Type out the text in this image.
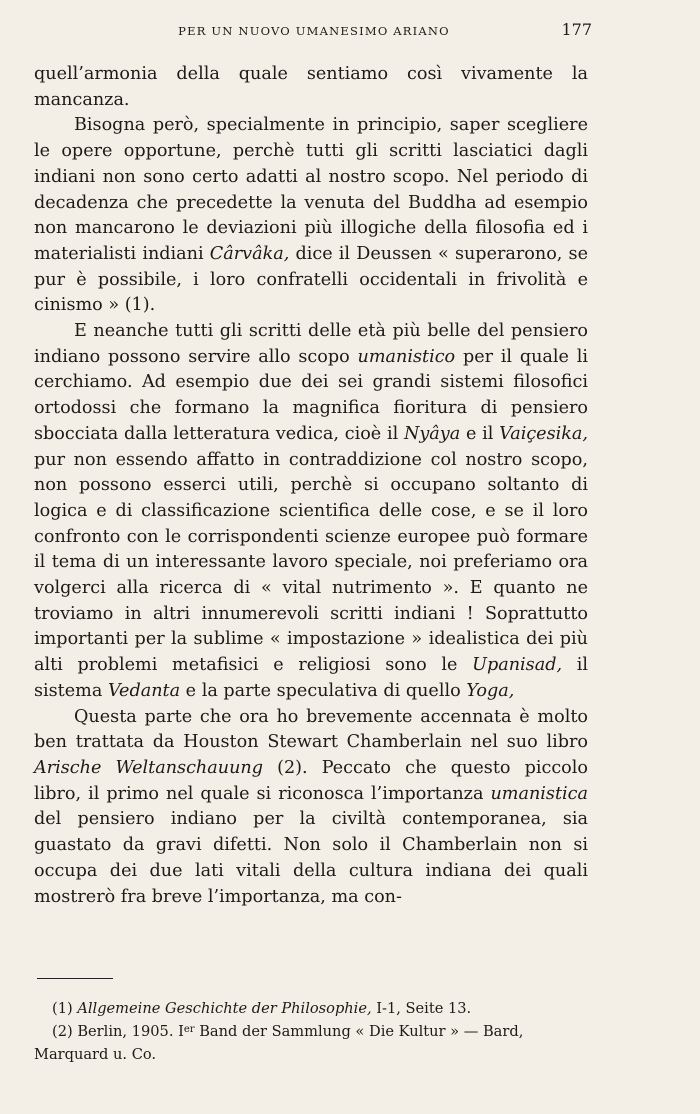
PER UN NUOVO UMANESIMO ARIANO	177

quell’armonia della quale sentiamo così vivamente la mancanza.

Bisogna però, specialmente in principio, saper scegliere le opere opportune, perchè tutti gli scritti lasciatici dagli indiani non sono certo adatti al nostro scopo. Nel periodo di decadenza che precedette la venuta del Buddha ad esempio non mancarono le deviazioni più illogiche della filosofia ed i materialisti indiani Cârvâka, dice il Deussen « superarono, se pur è possibile, i loro confratelli occidentali in frivolità e cinismo » (1).

E neanche tutti gli scritti delle età più belle del pensiero indiano possono servire allo scopo umanistico per il quale li cerchiamo. Ad esempio due dei sei grandi sistemi filosofici ortodossi che formano la magnifica fioritura di pensiero sbocciata dalla letteratura vedica, cioè il Nyâya e il Vaiçesika, pur non essendo affatto in contraddizione col nostro scopo, non possono esserci utili, perchè si occupano soltanto di logica e di classificazione scientifica delle cose, e se il loro confronto con le corrispondenti scienze europee può formare il tema di un interessante lavoro speciale, noi preferiamo ora volgerci alla ricerca di « vital nutrimento ». E quanto ne troviamo in altri innumerevoli scritti indiani ! Soprattutto importanti per la sublime « impostazione » idealistica dei più alti problemi metafisici e religiosi sono le Upanisad, il sistema Vedanta e la parte speculativa di quello Yoga,

Questa parte che ora ho brevemente accennata è molto ben trattata da Houston Stewart Chamberlain nel suo libro Arische Weltanschauung (2). Peccato che questo piccolo libro, il primo nel quale si riconosca l’importanza umanistica del pensiero indiano per la civiltà contemporanea, sia guastato da gravi difetti. Non solo il Chamberlain non si occupa dei due lati vitali della cultura indiana dei quali mostrerò fra breve l’importanza, ma con-

(1) Allgemeine Geschichte der Philosophie, I-1, Seite 13.

(2) Berlin, 1905. Ier Band der Sammlung « Die Kultur » — Bard, Marquard u. Co.
